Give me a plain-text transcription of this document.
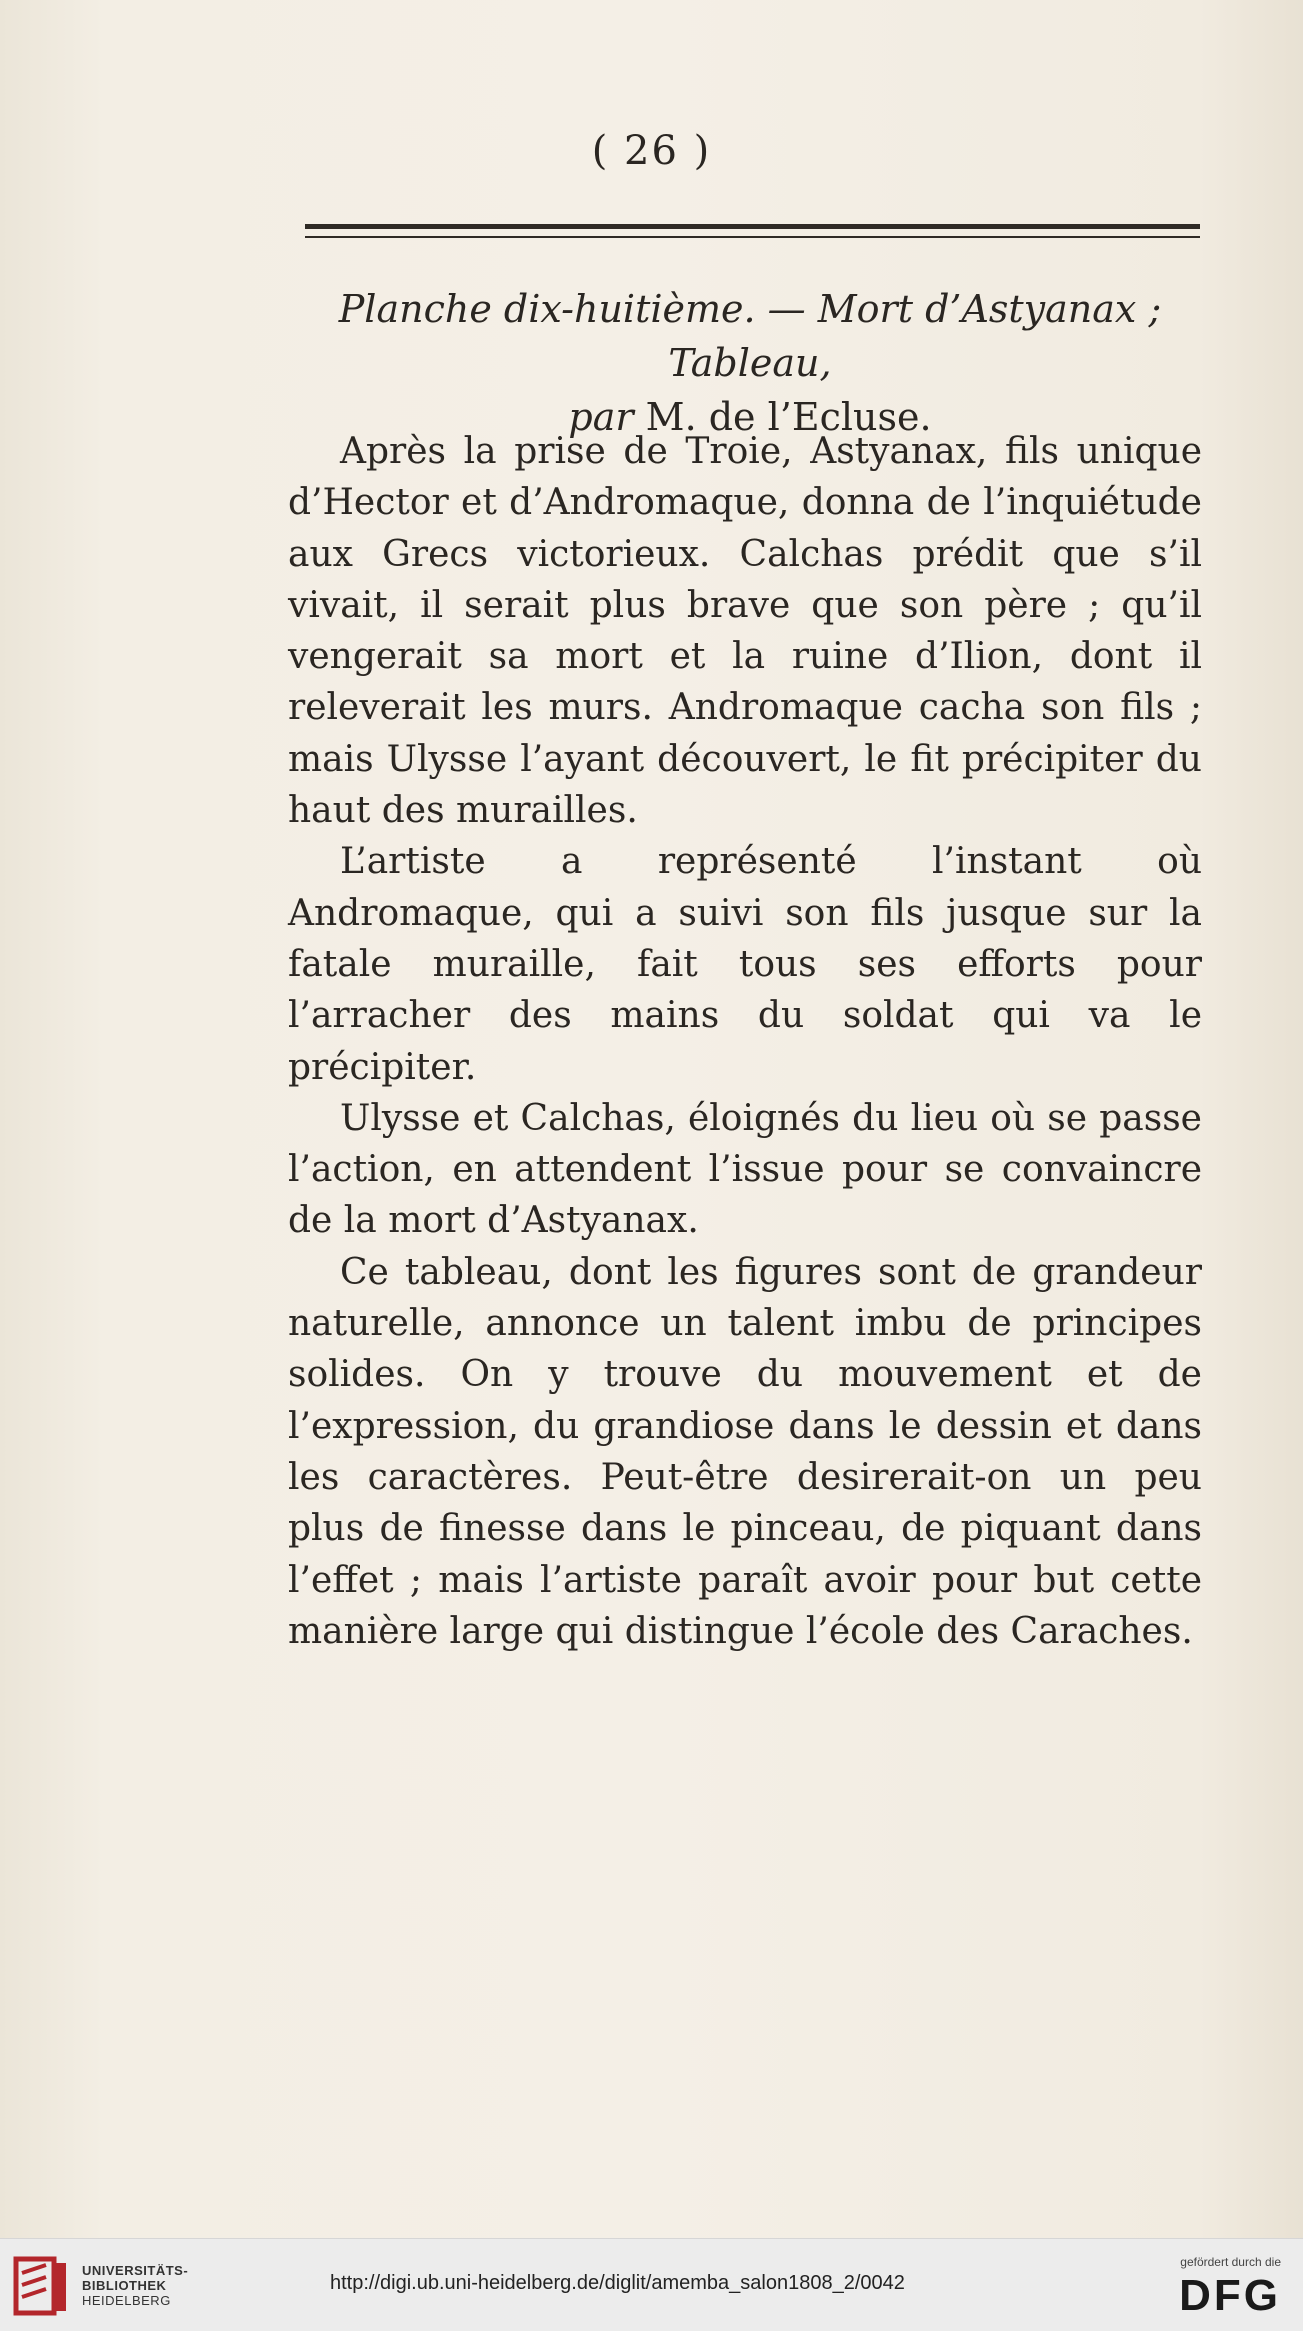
( 26 )
Planche dix-huitième. — Mort d’Astyanax ; Tableau,
par M. de l’Ecluse.

Après la prise de Troie, Astyanax, fils unique d’Hector et d’Andromaque, donna de l’inquiétude aux Grecs victorieux. Calchas prédit que s’il vivait, il serait plus brave que son père ; qu’il vengerait sa mort et la ruine d’Ilion, dont il releverait les murs. Andromaque cacha son fils ; mais Ulysse l’ayant découvert, le fit précipiter du haut des murailles.

L’artiste a représenté l’instant où Andromaque, qui a suivi son fils jusque sur la fatale muraille, fait tous ses efforts pour l’arracher des mains du soldat qui va le précipiter.

Ulysse et Calchas, éloignés du lieu où se passe l’action, en attendent l’issue pour se convaincre de la mort d’Astyanax.

Ce tableau, dont les figures sont de grandeur naturelle, annonce un talent imbu de principes solides. On y trouve du mouvement et de l’expression, du grandiose dans le dessin et dans les caractères. Peut-être desirerait-on un peu plus de finesse dans le pinceau, de piquant dans l’effet ; mais l’artiste paraît avoir pour but cette manière large qui distingue l’école des Caraches.

UNIVERSITÄTS-
BIBLIOTHEK
HEIDELBERG
http://digi.ub.uni-heidelberg.de/diglit/amemba_salon1808_2/0042
gefördert durch die
DFG
